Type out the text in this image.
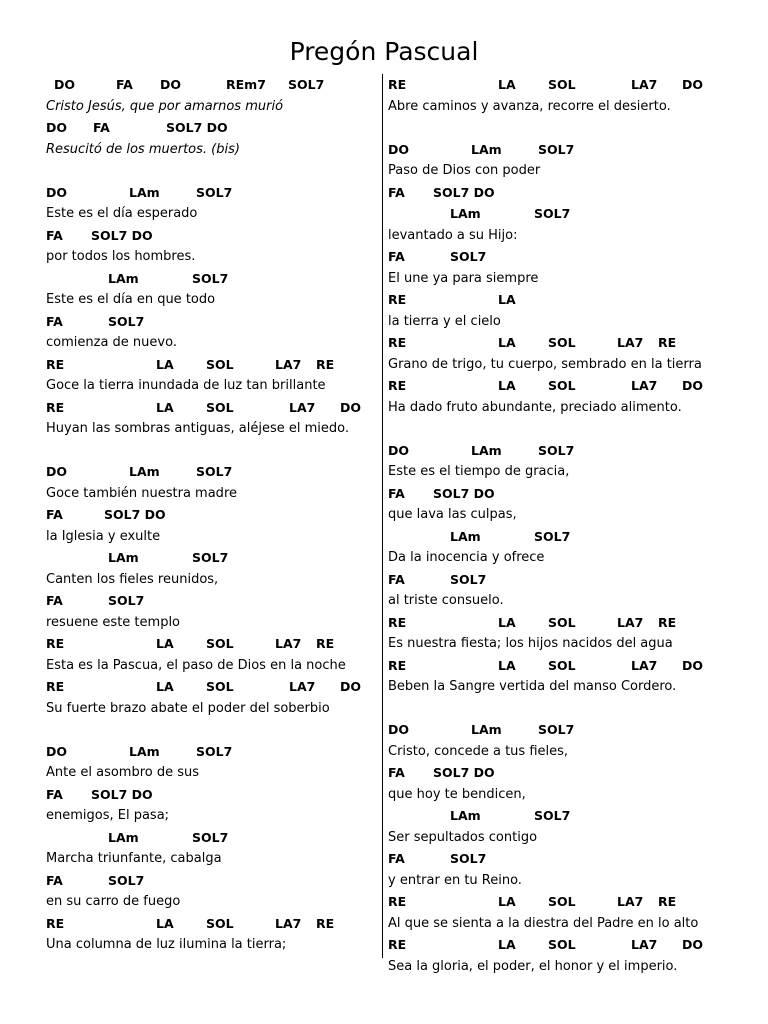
Pregón Pascual
DO	FA DO	REm7 SOL7
Cristo Jesús, que por amarnos murió
DO FA	SOL7 DO
Resucitó de los muertos. (bis)
DO	LAm	SOL7
Este es el día esperado
FA SOL7 DO
por todos los hombres.
LAm	SOL7
Este es el día en que todo
FA	SOL7
comienza de nuevo.
RE	LA	SOL	LA7 RE
Goce la tierra inundada de luz tan brillante
RE	LA	SOL	LA7 DO
Huyan las sombras antiguas, aléjese el miedo.
DO	LAm	SOL7
Goce también nuestra madre
FA	SOL7 DO
la Iglesia y exulte
LAm	SOL7
Canten los fieles reunidos,
FA	SOL7
resuene este templo
RE	LA	SOL	LA7 RE
Esta es la Pascua, el paso de Dios en la noche
RE	LA	SOL	LA7 DO
Su fuerte brazo abate el poder del soberbio
DO	LAm	SOL7
Ante el asombro de sus
FA SOL7 DO
enemigos, El pasa;
LAm	SOL7
Marcha triunfante, cabalga
FA	SOL7
en su carro de fuego
RE	LA	SOL	LA7 RE
Una columna de luz ilumina la tierra;
RE	LA	SOL	LA7 DO
Abre caminos y avanza, recorre el desierto.
DO	LAm	SOL7
Paso de Dios con poder
FA SOL7 DO
LAm	SOL7
levantado a su Hijo:
FA	SOL7
El une ya para siempre
RE	LA
la tierra y el cielo
RE	LA	SOL	LA7 RE
Grano de trigo, tu cuerpo, sembrado en la tierra
RE	LA	SOL	LA7 DO
Ha dado fruto abundante, preciado alimento.
DO	LAm	SOL7
Este es el tiempo de gracia,
FA SOL7 DO
que lava las culpas,
LAm	SOL7
Da la inocencia y ofrece
FA	SOL7
al triste consuelo.
RE	LA	SOL	LA7 RE
Es nuestra fiesta; los hijos nacidos del agua
RE	LA	SOL	LA7 DO
Beben la Sangre vertida del manso Cordero.
DO	LAm	SOL7
Cristo, concede a tus fieles,
FA SOL7 DO
que hoy te bendicen,
LAm	SOL7
Ser sepultados contigo
FA	SOL7
y entrar en tu Reino.
RE	LA	SOL	LA7 RE
Al que se sienta a la diestra del Padre en lo alto
RE	LA	SOL	LA7 DO
Sea la gloria, el poder, el honor y el imperio.
